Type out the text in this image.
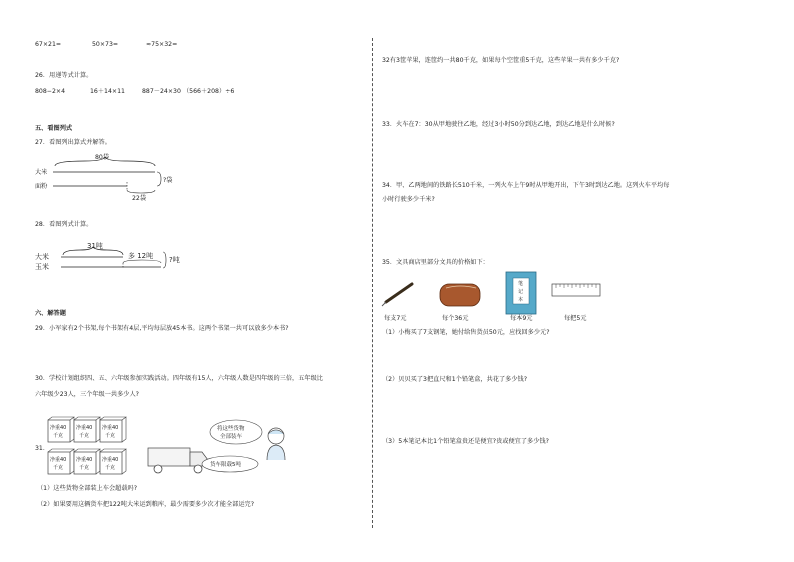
67×21=	50×73=	≈75×32=
26．用递等式计算。
808−2×4	16＋14×11	887－24×30 （566＋208）÷6
五、看图列式
27．看图列出算式并解答。
80袋
大米
面粉
22袋
?袋
28．看图列式计算。
31吨
大米
玉米
多 12吨 ?吨
六、解答题
29．小军家有2个书架,每个书架有4层,平均每层放45本书。这两个书架一共可以放多少本书?
30．学校计划组织四、五、六年级参加实践活动。四年级有15人，六年级人数是四年级的三倍，五年级比
六年级少23人，三个年级一共多少人?
31．
净重40
千克
净重40
千克
净重40
千克
净重40
千克
净重40
千克
净重40
千克
将这些货物
全部装车
货车限载5吨
（1）这些货物全部装上车会超载吗?
（2）如果要用这辆货车把122吨大米运到粮库，最少需要多少次才能全部运完?
32有3筐苹果，连筐约一共80千克，如果每个空筐重5千克，这些苹果一共有多少千克?
33．火车在7：30从甲地驶往乙地，经过3小时50分到达乙地，到达乙地是什么时候?
34．甲、乙两地间的铁路长510千米，一列火车上午9时从甲地开出，下午3时到达乙地。这列火车平均每
小时行驶多少千米?
35．文具商店里部分文具的价格如下：
笔
记
本
每支7元	每个36元	每本9元	每把5元
（1）小梅买了7支钢笔，她付给售货员50元，应找回多少元?
（2）贝贝买了3把直尺和1个铅笔盒，共花了多少钱?
（3）5本笔记本比1个铅笔盒贵还是便宜?贵或便宜了多少钱?
